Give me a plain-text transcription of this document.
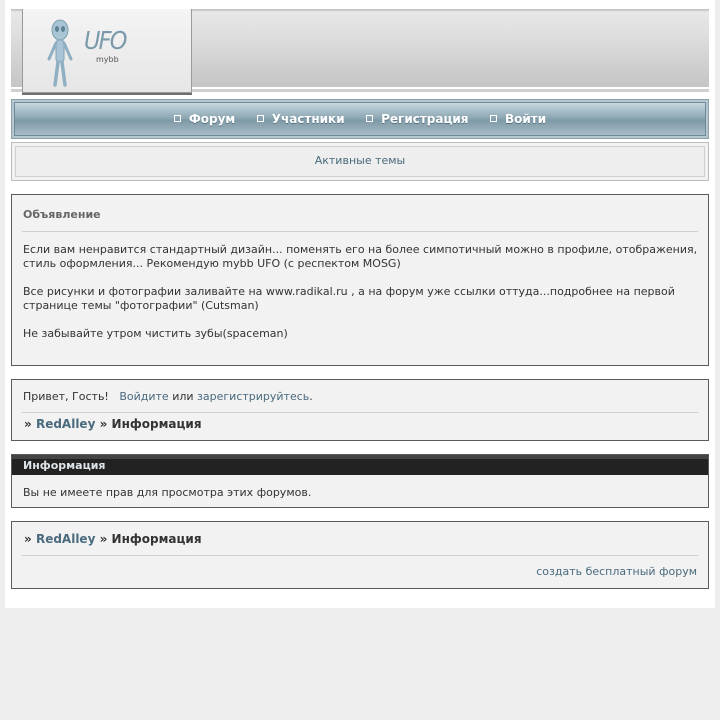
UFO
mybb
Форум	Участники	Регистрация	Войти
Активные темы
Объявление
Если вам ненравится стандартный дизайн... поменять его на более симпотичный можно в профиле, отображения, стиль оформления... Рекомендую mybb UFO (с респектом MOSG)
Все рисунки и фотографии заливайте на www.radikal.ru , а на форум уже ссылки оттуда...подробнее на первой странице темы "фотографии" (Cutsman)
Не забывайте утром чистить зубы(spaceman)
Привет, Гость! Войдите или зарегистрируйтесь.
» RedAlley » Информация
Информация
Вы не имеете прав для просмотра этих форумов.
» RedAlley » Информация
создать бесплатный форум
